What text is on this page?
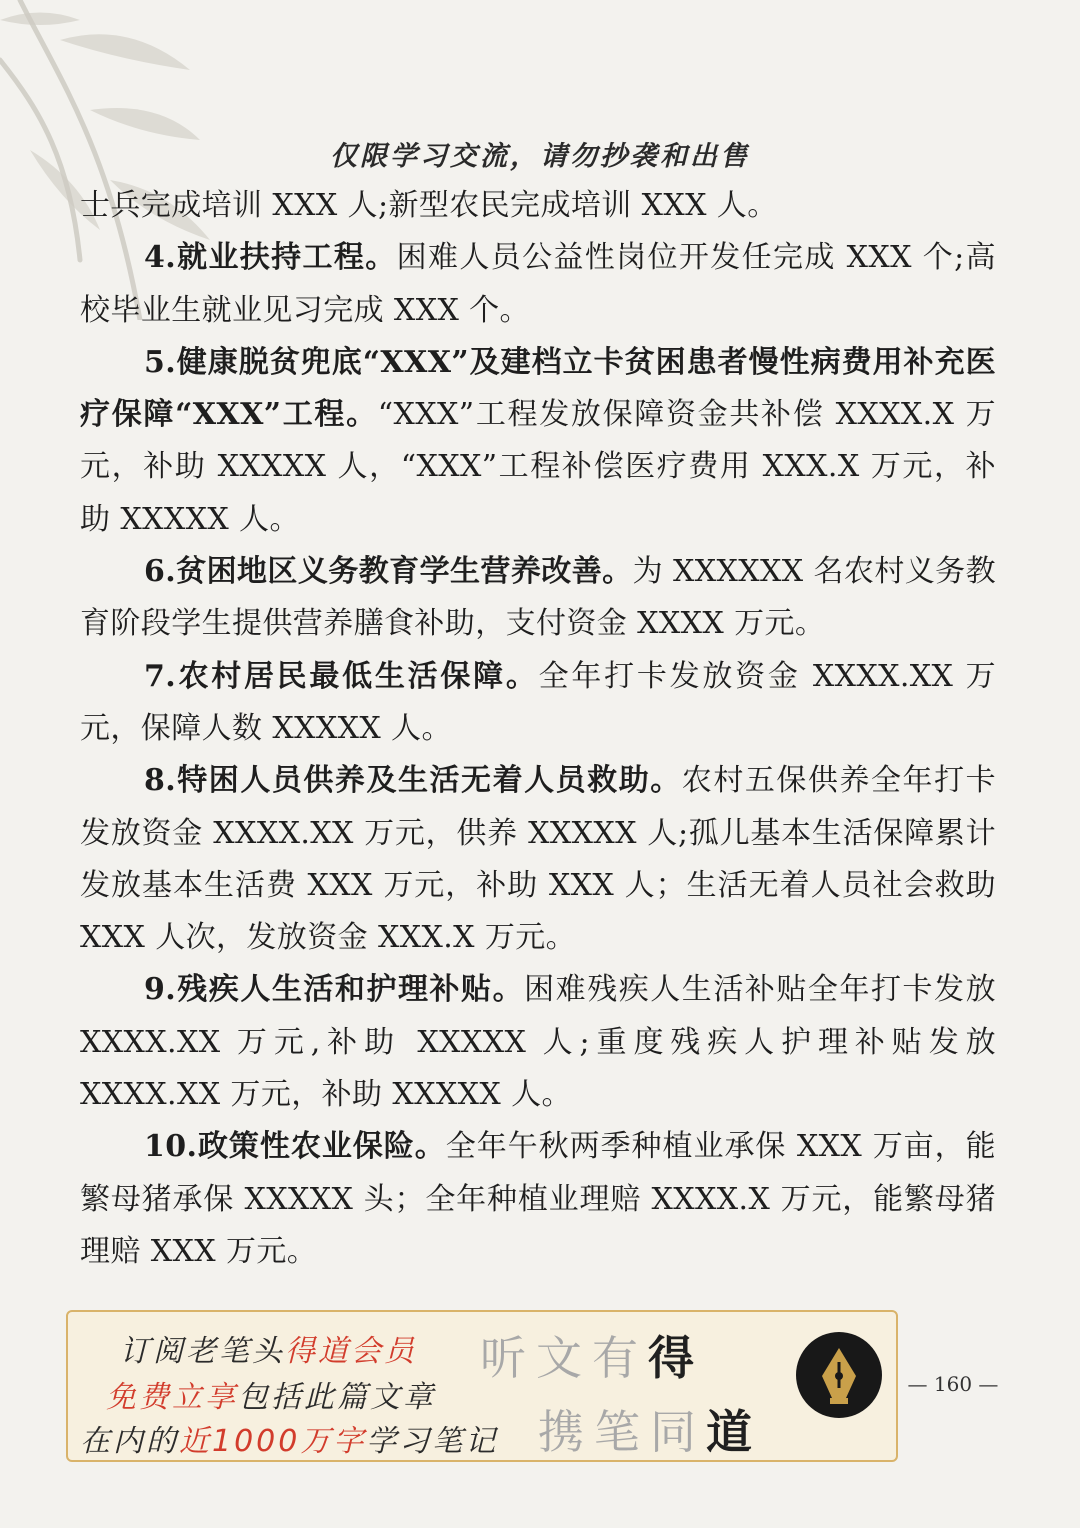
仅限学习交流，请勿抄袭和出售

士兵完成培训 XXX 人;新型农民完成培训 XXX 人。

4.就业扶持工程。困难人员公益性岗位开发任完成 XXX 个;高校毕业生就业见习完成 XXX 个。

5.健康脱贫兜底“XXX”及建档立卡贫困患者慢性病费用补充医疗保障“XXX”工程。“XXX”工程发放保障资金共补偿 XXXX.X 万元，补助 XXXXX 人，“XXX”工程补偿医疗费用 XXX.X 万元，补助 XXXXX 人。

6.贫困地区义务教育学生营养改善。为 XXXXXX 名农村义务教育阶段学生提供营养膳食补助，支付资金 XXXX 万元。

7.农村居民最低生活保障。全年打卡发放资金 XXXX.XX 万元，保障人数 XXXXX 人。

8.特困人员供养及生活无着人员救助。农村五保供养全年打卡发放资金 XXXX.XX 万元，供养 XXXXX 人;孤儿基本生活保障累计发放基本生活费 XXX 万元，补助 XXX 人；生活无着人员社会救助 XXX 人次，发放资金 XXX.X 万元。

9.残疾人生活和护理补贴。困难残疾人生活补贴全年打卡发放 XXXX.XX 万元,补助 XXXXX 人;重度残疾人护理补贴发放 XXXX.XX 万元，补助 XXXXX 人。

10.政策性农业保险。全年午秋两季种植业承保 XXX 万亩，能繁母猪承保 XXXXX 头；全年种植业理赔 XXXX.X 万元，能繁母猪理赔 XXX 万元。

订阅老笔头得道会员
免费立享包括此篇文章
在内的近1000万字学习笔记
听文有得
携笔同道
— 160 —
